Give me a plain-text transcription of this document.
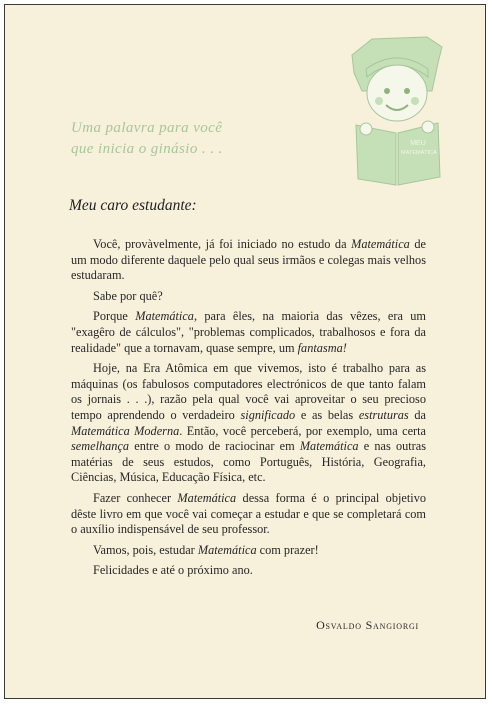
Uma palavra para você
que inicia o ginásio . . .	MEU
MATEMÁTICA
Meu caro estudante:

Você, provàvelmente, já foi iniciado no estudo da Matemática de um modo diferente daquele pelo qual seus irmãos e colegas mais velhos estudaram.

Sabe por quê?

Porque Matemática, para êles, na maioria das vêzes, era um "exagêro de cálculos", "problemas complicados, trabalhosos e fora da realidade" que a tornavam, quase sempre, um fantasma!

Hoje, na Era Atômica em que vivemos, isto é trabalho para as máquinas (os fabulosos computadores electrónicos de que tanto falam os jornais . . .), razão pela qual você vai aproveitar o seu precioso tempo aprendendo o verdadeiro significado e as belas estruturas da Matemática Moderna. Então, você perceberá, por exemplo, uma certa semelhança entre o modo de raciocinar em Matemática e nas outras matérias de seus estudos, como Português, História, Geografia, Ciências, Música, Educação Física, etc.

Fazer conhecer Matemática dessa forma é o principal objetivo dêste livro em que você vai começar a estudar e que se completará com o auxílio indispensável de seu professor.

Vamos, pois, estudar Matemática com prazer!

Felicidades e até o próximo ano.

Osvaldo Sangiorgi
